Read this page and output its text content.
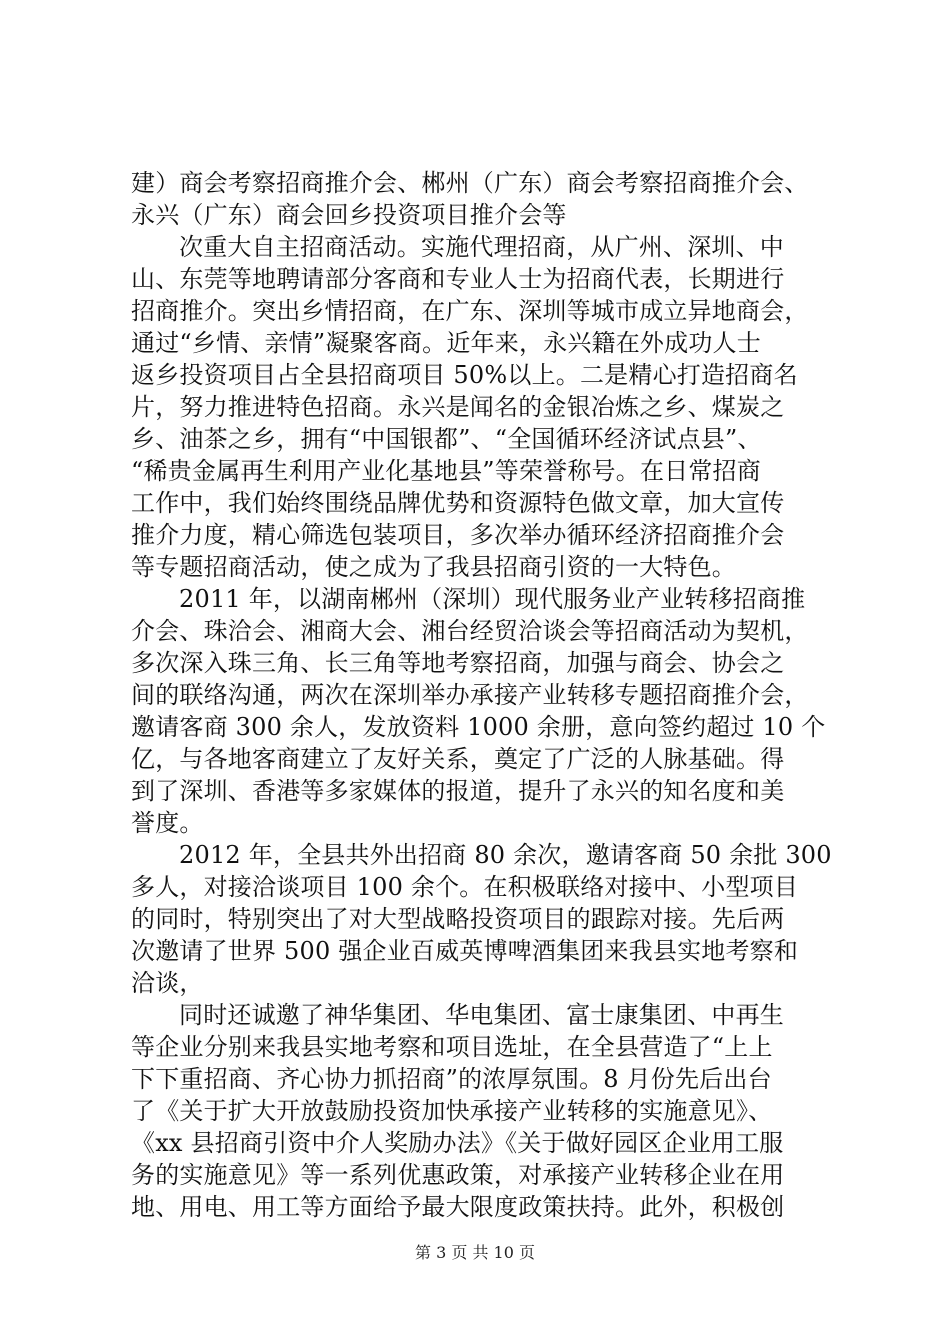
建）商会考察招商推介会、郴州（广东）商会考察招商推介会、
永兴（广东）商会回乡投资项目推介会等
次重大自主招商活动。实施代理招商，从广州、深圳、中
山、东莞等地聘请部分客商和专业人士为招商代表，长期进行
招商推介。突出乡情招商，在广东、深圳等城市成立异地商会，
通过“乡情、亲情”凝聚客商。近年来，永兴籍在外成功人士
返乡投资项目占全县招商项目 50%以上。二是精心打造招商名
片，努力推进特色招商。永兴是闻名的金银冶炼之乡、煤炭之
乡、油茶之乡，拥有“中国银都”、“全国循环经济试点县”、
“稀贵金属再生利用产业化基地县”等荣誉称号。在日常招商
工作中，我们始终围绕品牌优势和资源特色做文章，加大宣传
推介力度，精心筛选包装项目，多次举办循环经济招商推介会
等专题招商活动，使之成为了我县招商引资的一大特色。
2011 年，以湖南郴州（深圳）现代服务业产业转移招商推
介会、珠洽会、湘商大会、湘台经贸洽谈会等招商活动为契机，
多次深入珠三角、长三角等地考察招商，加强与商会、协会之
间的联络沟通，两次在深圳举办承接产业转移专题招商推介会，
邀请客商 300 余人，发放资料 1000 余册，意向签约超过 10 个
亿，与各地客商建立了友好关系，奠定了广泛的人脉基础。得
到了深圳、香港等多家媒体的报道，提升了永兴的知名度和美
誉度。
2012 年，全县共外出招商 80 余次，邀请客商 50 余批 300
多人，对接洽谈项目 100 余个。在积极联络对接中、小型项目
的同时，特别突出了对大型战略投资项目的跟踪对接。先后两
次邀请了世界 500 强企业百威英博啤酒集团来我县实地考察和
洽谈，
同时还诚邀了神华集团、华电集团、富士康集团、中再生
等企业分别来我县实地考察和项目选址，在全县营造了“上上
下下重招商、齐心协力抓招商”的浓厚氛围。8 月份先后出台
了《关于扩大开放鼓励投资加快承接产业转移的实施意见》、
《xx 县招商引资中介人奖励办法》《关于做好园区企业用工服
务的实施意见》等一系列优惠政策，对承接产业转移企业在用
地、用电、用工等方面给予最大限度政策扶持。此外，积极创
第 3 页 共 10 页
